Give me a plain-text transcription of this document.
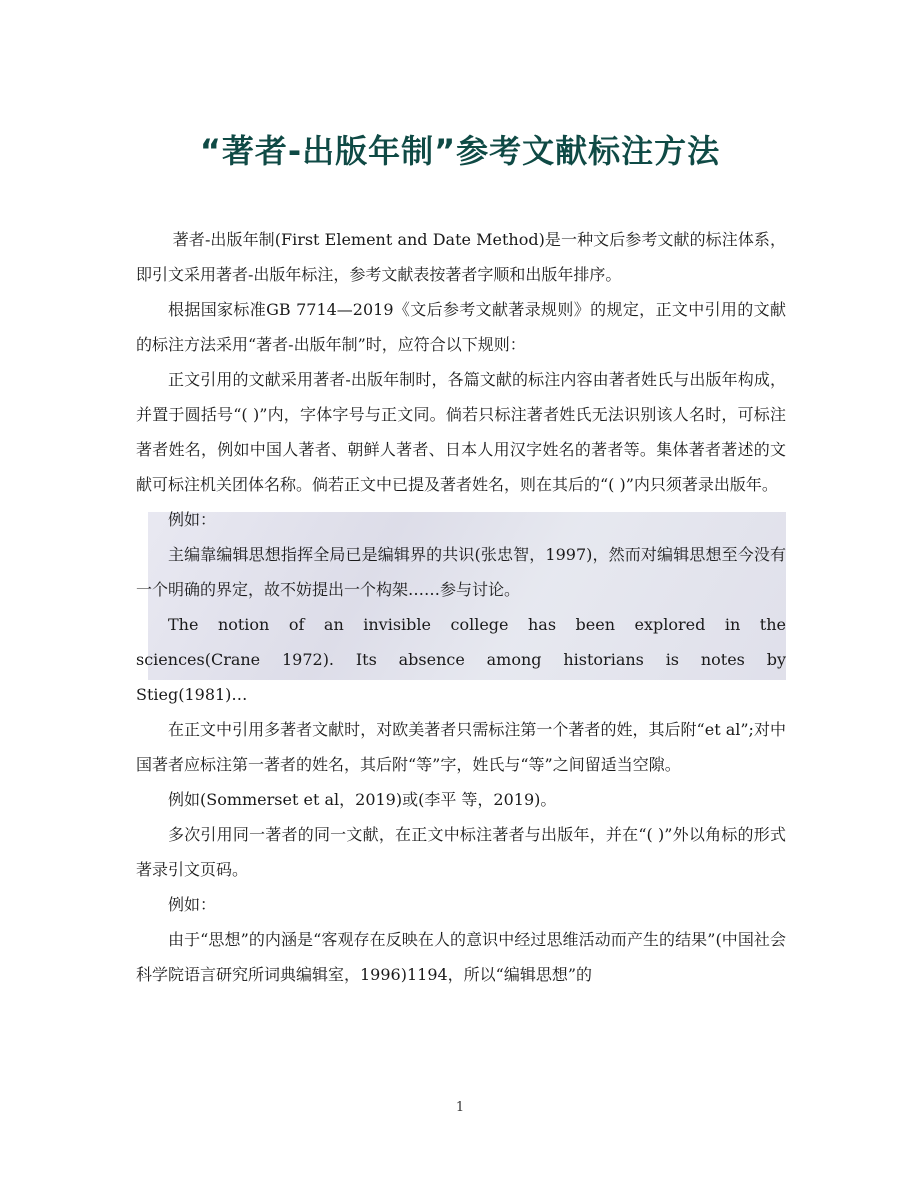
“著者-出版年制”参考文献标注方法

著者-出版年制(First Element and Date Method)是一种文后参考文献的标注体系，即引文采用著者-出版年标注，参考文献表按著者字顺和出版年排序。

根据国家标准GB 7714—2019《文后参考文献著录规则》的规定，正文中引用的文献的标注方法采用“著者-出版年制”时，应符合以下规则：

正文引用的文献采用著者-出版年制时，各篇文献的标注内容由著者姓氏与出版年构成，并置于圆括号“( )”内，字体字号与正文同。倘若只标注著者姓氏无法识别该人名时，可标注著者姓名，例如中国人著者、朝鲜人著者、日本人用汉字姓名的著者等。集体著者著述的文献可标注机关团体名称。倘若正文中已提及著者姓名，则在其后的“( )”内只须著录出版年。

例如：

主编靠编辑思想指挥全局已是编辑界的共识(张忠智，1997)，然而对编辑思想至今没有一个明确的界定，故不妨提出一个构架……参与讨论。

The notion of an invisible college has been explored in the sciences(Crane 1972). Its absence among historians is notes by Stieg(1981)…

在正文中引用多著者文献时，对欧美著者只需标注第一个著者的姓，其后附“et al”;对中国著者应标注第一著者的姓名，其后附“等”字，姓氏与“等”之间留适当空隙。

例如(Sommerset et al，2019)或(李平 等，2019)。

多次引用同一著者的同一文献，在正文中标注著者与出版年，并在“( )”外以角标的形式著录引文页码。

例如：

由于“思想”的内涵是“客观存在反映在人的意识中经过思维活动而产生的结果”(中国社会科学院语言研究所词典编辑室，1996)1194，所以“编辑思想”的

1
